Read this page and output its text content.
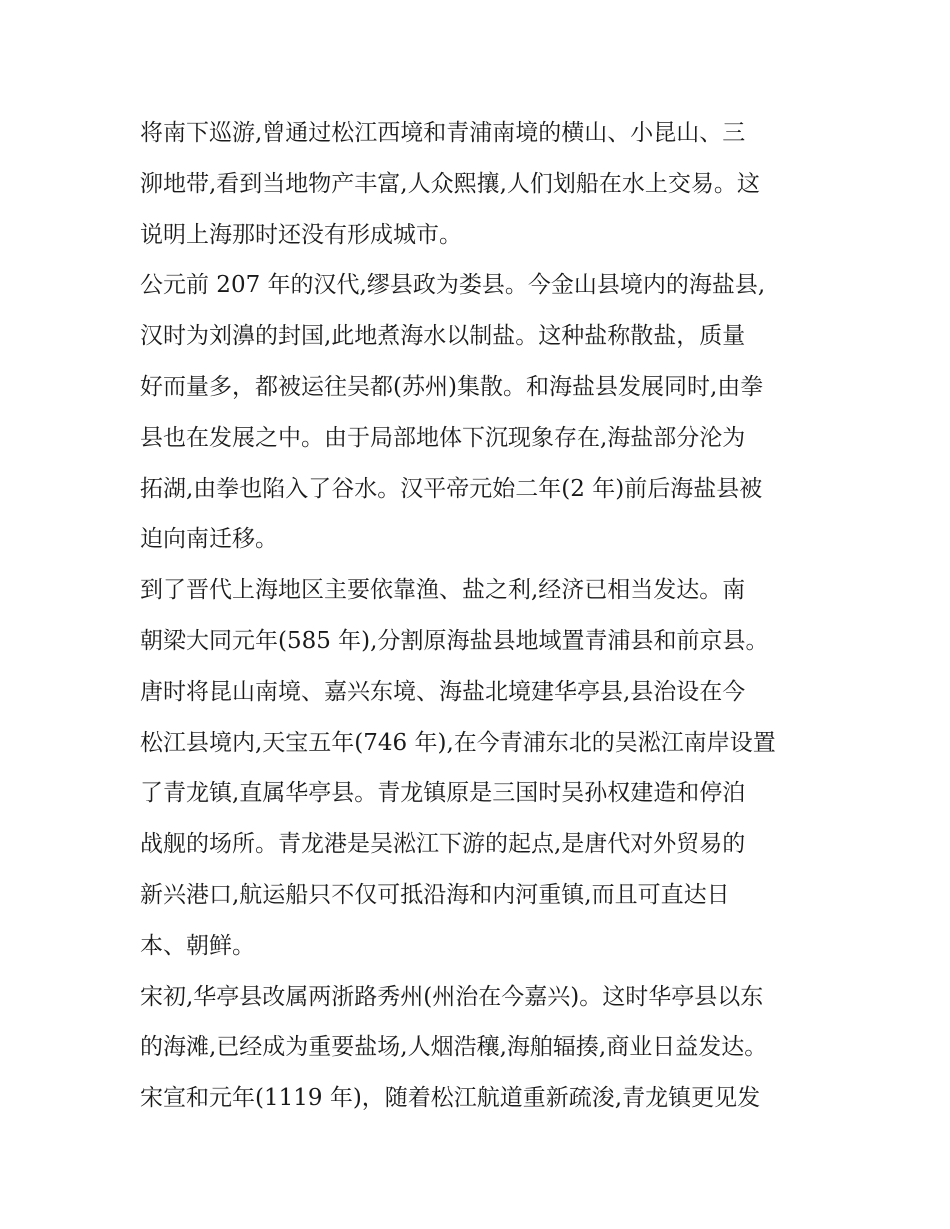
将南下巡游,曾通过松江西境和青浦南境的横山、小昆山、三
泖地带,看到当地物产丰富,人众熙攘,人们划船在水上交易。这
说明上海那时还没有形成城市。
公元前 207 年的汉代,缪县政为娄县。今金山县境内的海盐县,
汉时为刘濞的封国,此地煮海水以制盐。这种盐称散盐，质量
好而量多，都被运往吴都(苏州)集散。和海盐县发展同时,由拳
县也在发展之中。由于局部地体下沉现象存在,海盐部分沦为
拓湖,由拳也陷入了谷水。汉平帝元始二年(2 年)前后海盐县被
迫向南迁移。
到了晋代上海地区主要依靠渔、盐之利,经济已相当发达。南
朝梁大同元年(585 年),分割原海盐县地域置青浦县和前京县。
唐时将昆山南境、嘉兴东境、海盐北境建华亭县,县治设在今
松江县境内,天宝五年(746 年),在今青浦东北的吴淞江南岸设置
了青龙镇,直属华亭县。青龙镇原是三国时吴孙权建造和停泊
战舰的场所。青龙港是吴淞江下游的起点,是唐代对外贸易的
新兴港口,航运船只不仅可抵沿海和内河重镇,而且可直达日
本、朝鲜。
宋初,华亭县改属两浙路秀州(州治在今嘉兴)。这时华亭县以东
的海滩,已经成为重要盐场,人烟浩穰,海舶辐揍,商业日益发达。
宋宣和元年(1119 年)，随着松江航道重新疏浚,青龙镇更见发
